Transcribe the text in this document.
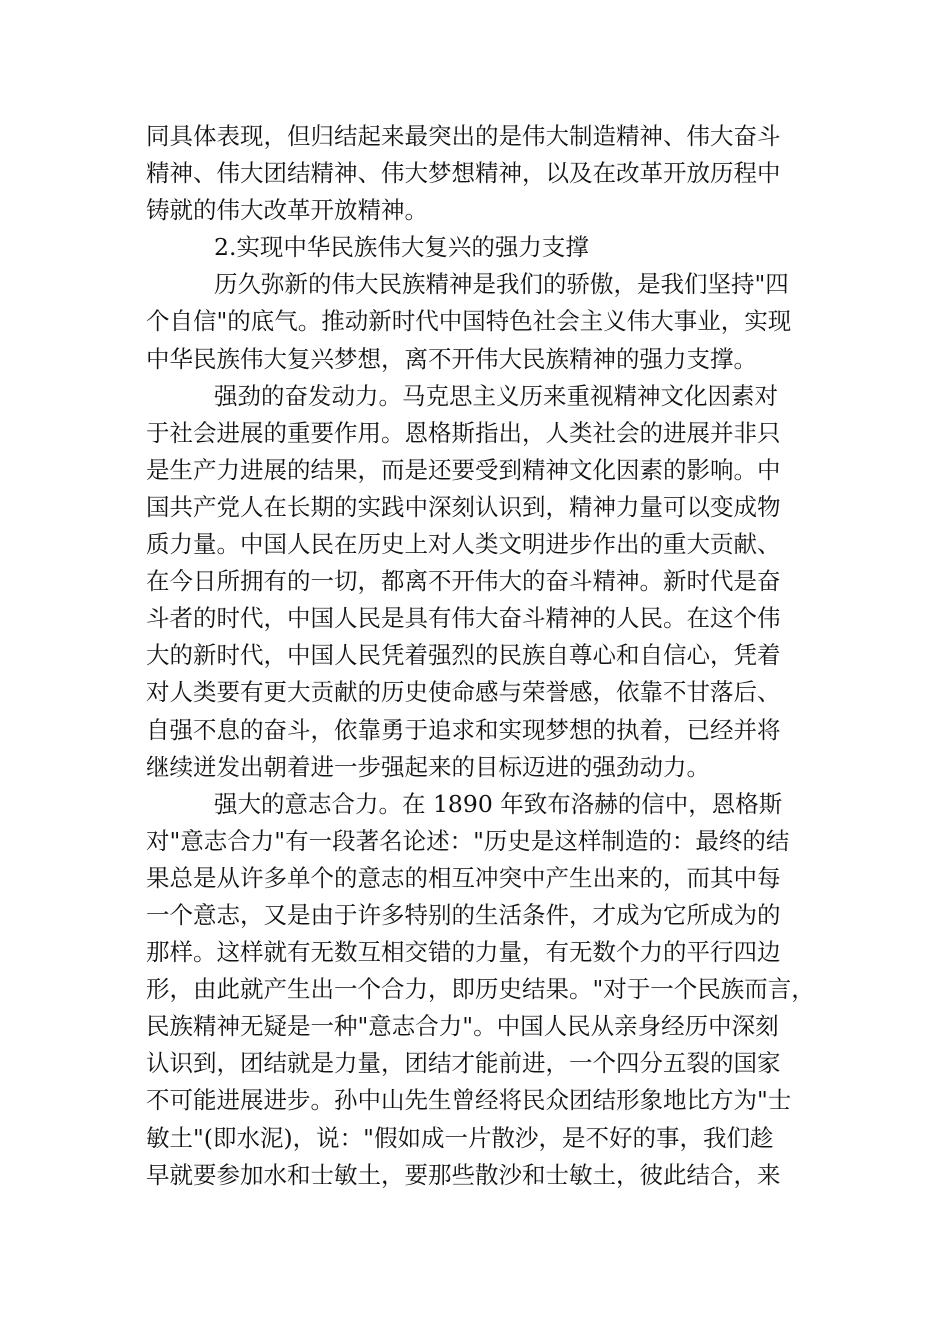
同具体表现，但归结起来最突出的是伟大制造精神、伟大奋斗
精神、伟大团结精神、伟大梦想精神，以及在改革开放历程中
铸就的伟大改革开放精神。
2.实现中华民族伟大复兴的强力支撑
历久弥新的伟大民族精神是我们的骄傲，是我们坚持"四
个自信"的底气。推动新时代中国特色社会主义伟大事业，实现
中华民族伟大复兴梦想，离不开伟大民族精神的强力支撑。
强劲的奋发动力。马克思主义历来重视精神文化因素对
于社会进展的重要作用。恩格斯指出，人类社会的进展并非只
是生产力进展的结果，而是还要受到精神文化因素的影响。中
国共产党人在长期的实践中深刻认识到，精神力量可以变成物
质力量。中国人民在历史上对人类文明进步作出的重大贡献、
在今日所拥有的一切，都离不开伟大的奋斗精神。新时代是奋
斗者的时代，中国人民是具有伟大奋斗精神的人民。在这个伟
大的新时代，中国人民凭着强烈的民族自尊心和自信心，凭着
对人类要有更大贡献的历史使命感与荣誉感，依靠不甘落后、
自强不息的奋斗，依靠勇于追求和实现梦想的执着，已经并将
继续迸发出朝着进一步强起来的目标迈进的强劲动力。
强大的意志合力。在 1890 年致布洛赫的信中，恩格斯
对"意志合力"有一段著名论述："历史是这样制造的：最终的结
果总是从许多单个的意志的相互冲突中产生出来的，而其中每
一个意志，又是由于许多特别的生活条件，才成为它所成为的
那样。这样就有无数互相交错的力量，有无数个力的平行四边
形，由此就产生出一个合力，即历史结果。"对于一个民族而言，
民族精神无疑是一种"意志合力"。中国人民从亲身经历中深刻
认识到，团结就是力量，团结才能前进，一个四分五裂的国家
不可能进展进步。孙中山先生曾经将民众团结形象地比方为"士
敏土"(即水泥)，说："假如成一片散沙，是不好的事，我们趁
早就要参加水和士敏土，要那些散沙和士敏土，彼此结合，来
